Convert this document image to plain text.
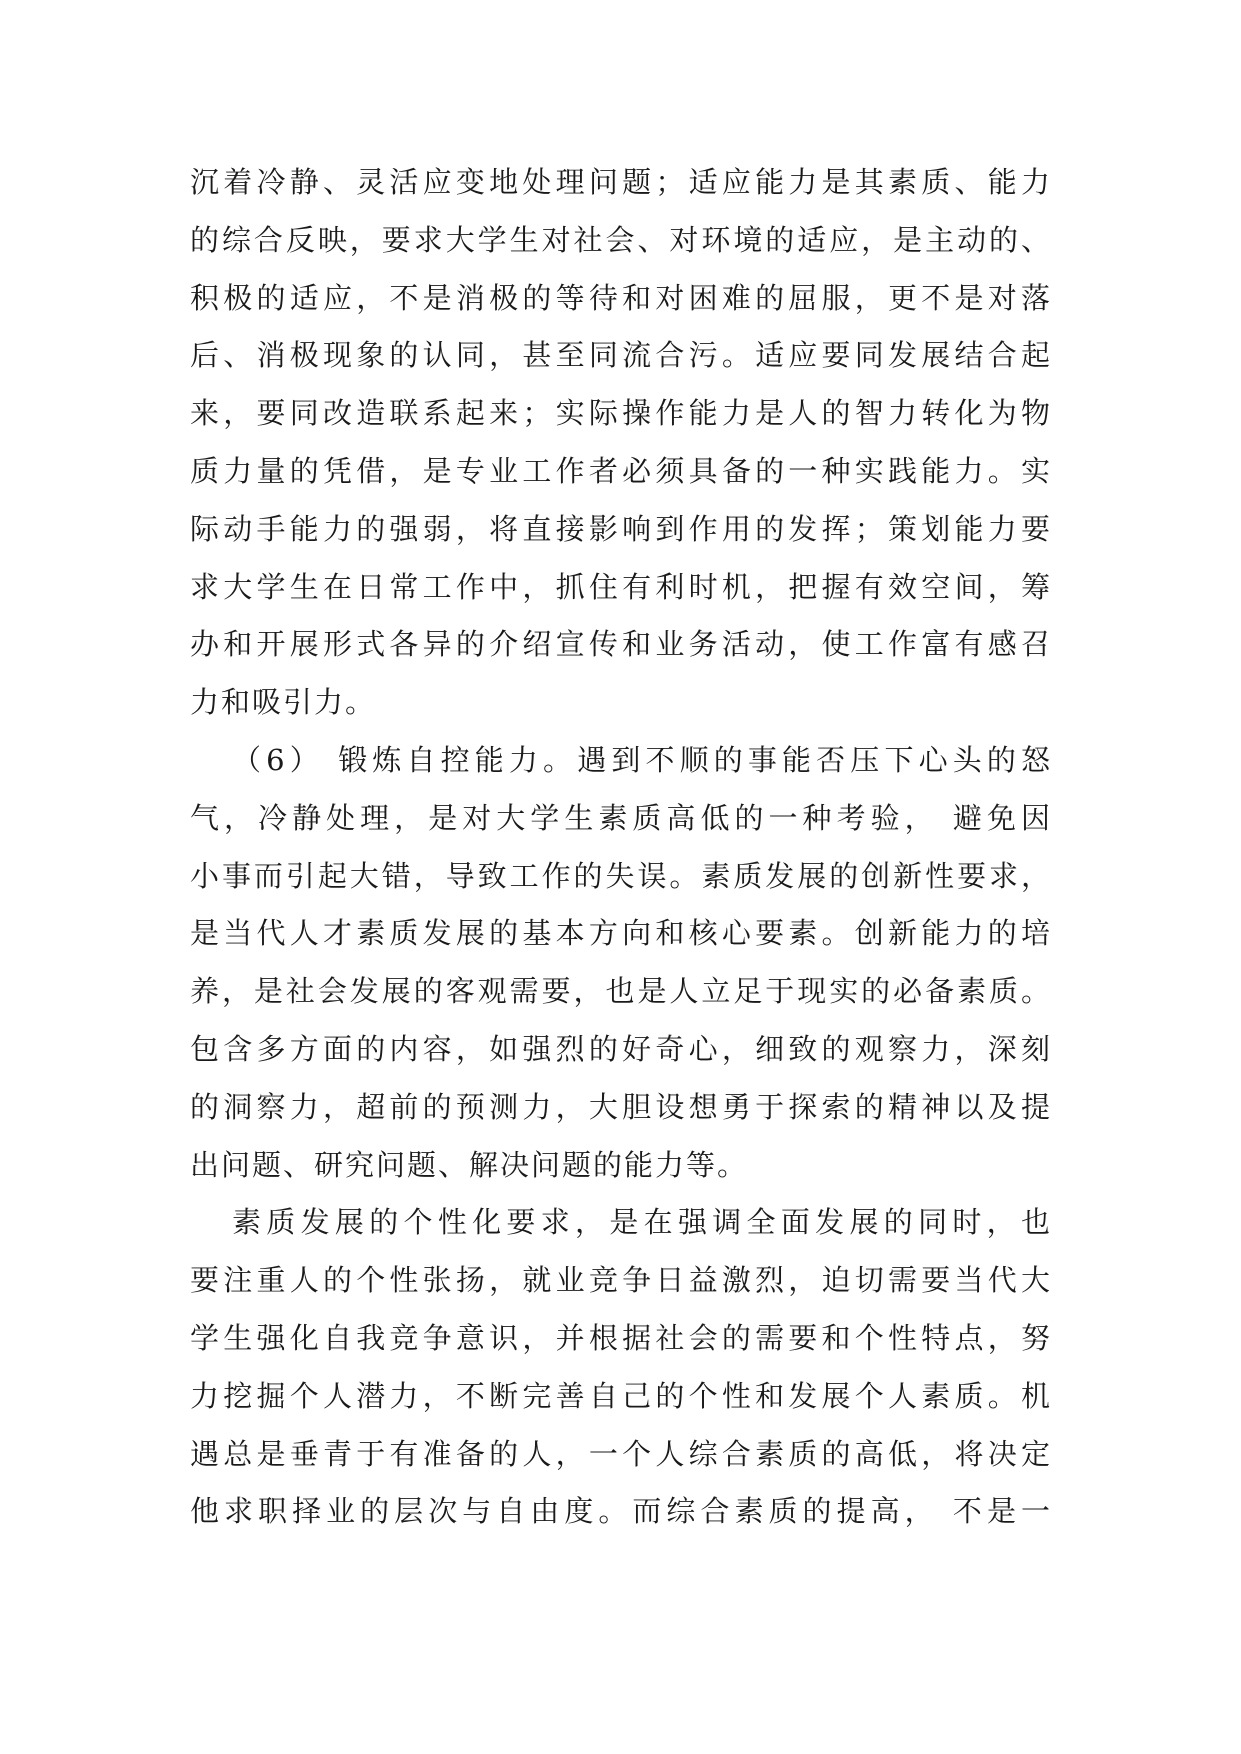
沉着冷静、灵活应变地处理问题；适应能力是其素质、能力
的综合反映，要求大学生对社会、对环境的适应，是主动的、
积极的适应，不是消极的等待和对困难的屈服，更不是对落
后、消极现象的认同，甚至同流合污。适应要同发展结合起
来，要同改造联系起来；实际操作能力是人的智力转化为物
质力量的凭借，是专业工作者必须具备的一种实践能力。实
际动手能力的强弱，将直接影响到作用的发挥；策划能力要
求大学生在日常工作中，抓住有利时机，把握有效空间，筹
办和开展形式各异的介绍宣传和业务活动，使工作富有感召
力和吸引力。
（6） 锻炼自控能力。遇到不顺的事能否压下心头的怒
气，冷静处理，是对大学生素质高低的一种考验， 避免因
小事而引起大错，导致工作的失误。素质发展的创新性要求，
是当代人才素质发展的基本方向和核心要素。创新能力的培
养，是社会发展的客观需要，也是人立足于现实的必备素质。
包含多方面的内容，如强烈的好奇心，细致的观察力，深刻
的洞察力，超前的预测力，大胆设想勇于探索的精神以及提
出问题、研究问题、解决问题的能力等。
素质发展的个性化要求，是在强调全面发展的同时，也
要注重人的个性张扬，就业竞争日益激烈，迫切需要当代大
学生强化自我竞争意识，并根据社会的需要和个性特点，努
力挖掘个人潜力，不断完善自己的个性和发展个人素质。机
遇总是垂青于有准备的人，一个人综合素质的高低，将决定
他求职择业的层次与自由度。而综合素质的提高， 不是一
